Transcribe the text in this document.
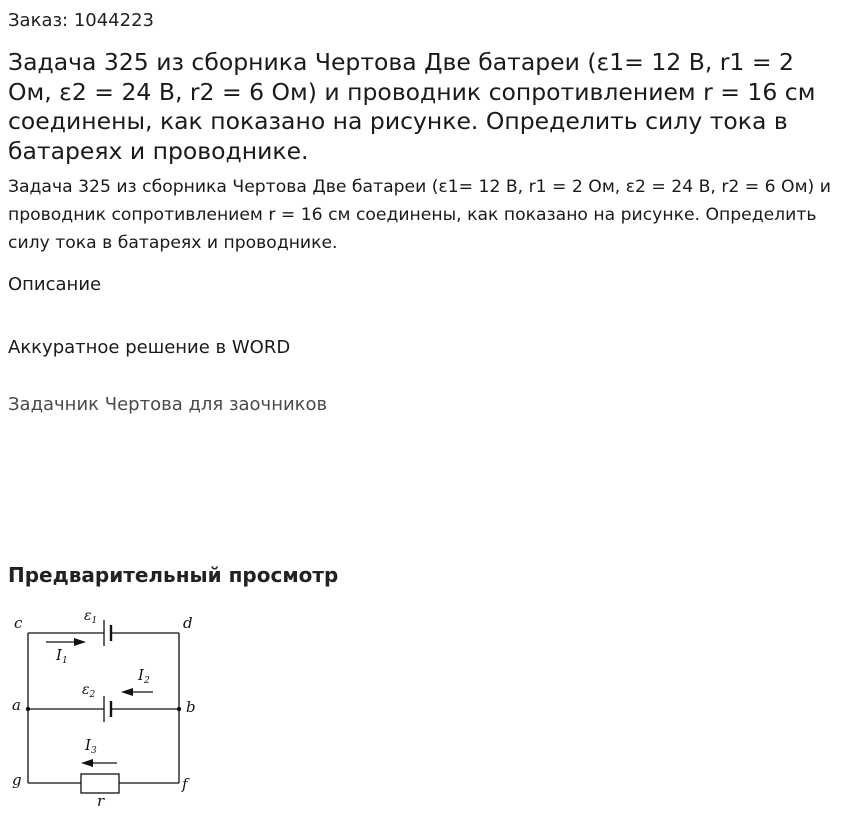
Заказ: 1044223
Задача 325 из сборника Чертова Две батареи (ε1= 12 В, r1 = 2 Ом, ε2 = 24 В, r2 = 6 Ом) и проводник сопротивлением r = 16 см соединены, как показано на рисунке. Определить силу тока в батареях и проводнике.
Задача 325 из сборника Чертова Две батареи (ε1= 12 В, r1 = 2 Ом, ε2 = 24 В, r2 = 6 Ом) и проводник сопротивлением r = 16 см соединены, как показано на рисунке. Определить силу тока в батареях и проводнике.
Описание
Аккуратное решение в WORD
Задачник Чертова для заочников
Предварительный просмотр
c	d
a	b
g	f
$\varepsilon_1$
$\varepsilon_2$
$I_1$
$I_2$
$I_3$
r
